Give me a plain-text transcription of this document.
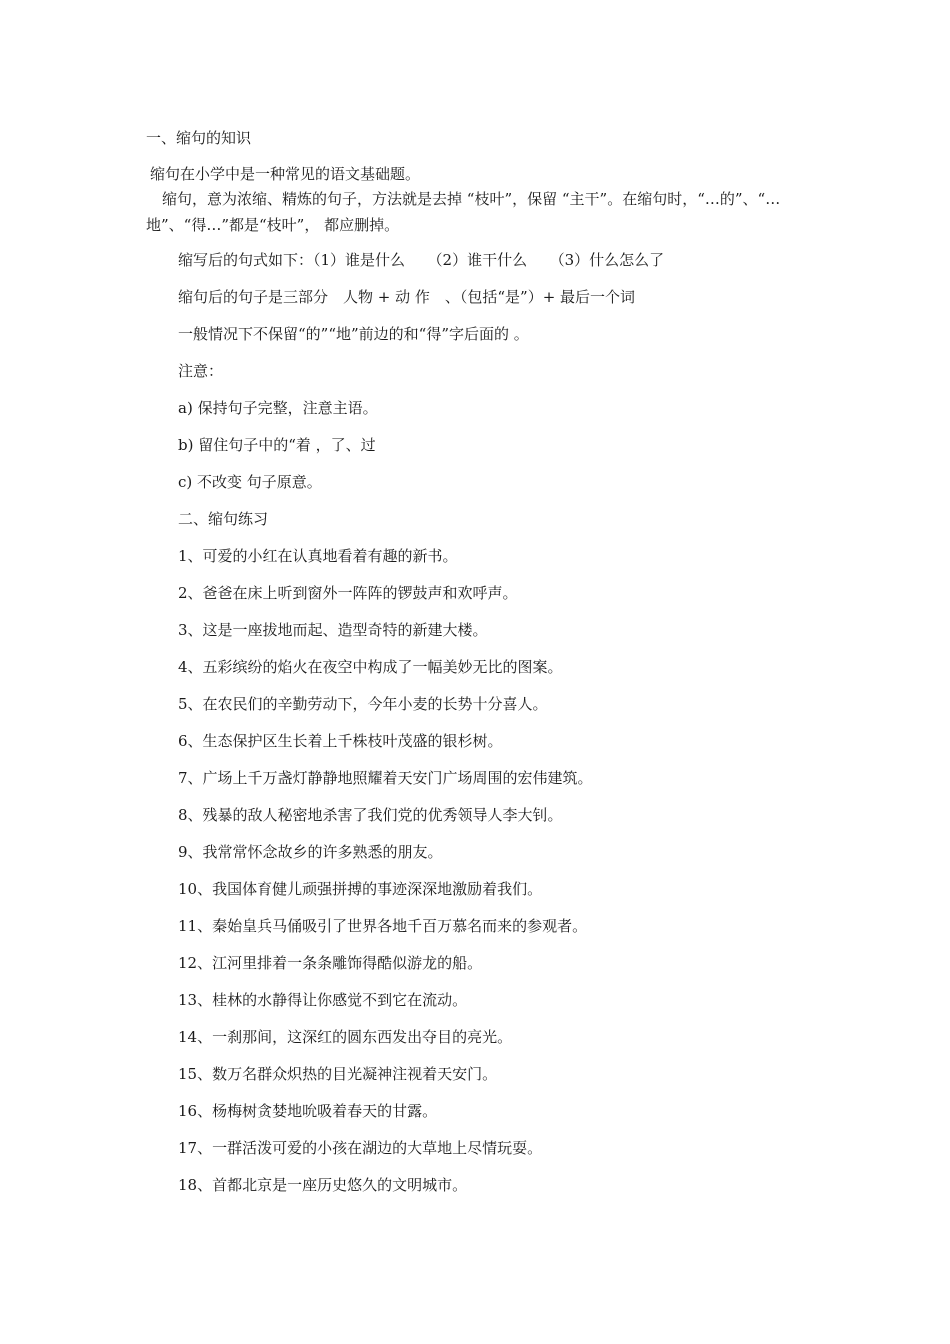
一、缩句的知识
缩句在小学中是一种常见的语文基础题。
缩句，意为浓缩、精炼的句子，方法就是去掉 “枝叶”，保留 “主干”。在缩句时，“…的”、“…地”、“得…”都是“枝叶”， 都应删掉。
缩写后的句式如下：（1）谁是什么　　（2）谁干什么　　（3）什么怎么了
缩句后的句子是三部分　人物 + 动 作　、（包括“是”）+ 最后一个词
一般情况下不保留“的”“地”前边的和“得”字后面的 。
注意：
a) 保持句子完整，注意主语。
b) 留住句子中的“着 ，了、过
c) 不改变 句子原意。
二、缩句练习
1、可爱的小红在认真地看着有趣的新书。
2、爸爸在床上听到窗外一阵阵的锣鼓声和欢呼声。
3、这是一座拔地而起、造型奇特的新建大楼。
4、五彩缤纷的焰火在夜空中构成了一幅美妙无比的图案。
5、在农民们的辛勤劳动下，今年小麦的长势十分喜人。
6、生态保护区生长着上千株枝叶茂盛的银杉树。
7、广场上千万盏灯静静地照耀着天安门广场周围的宏伟建筑。
8、残暴的敌人秘密地杀害了我们党的优秀领导人李大钊。
9、我常常怀念故乡的许多熟悉的朋友。
10、我国体育健儿顽强拼搏的事迹深深地激励着我们。
11、秦始皇兵马俑吸引了世界各地千百万慕名而来的参观者。
12、江河里排着一条条雕饰得酷似游龙的船。
13、桂林的水静得让你感觉不到它在流动。
14、一刹那间，这深红的圆东西发出夺目的亮光。
15、数万名群众炽热的目光凝神注视着天安门。
16、杨梅树贪婪地吮吸着春天的甘露。
17、一群活泼可爱的小孩在湖边的大草地上尽情玩耍。
18、首都北京是一座历史悠久的文明城市。
